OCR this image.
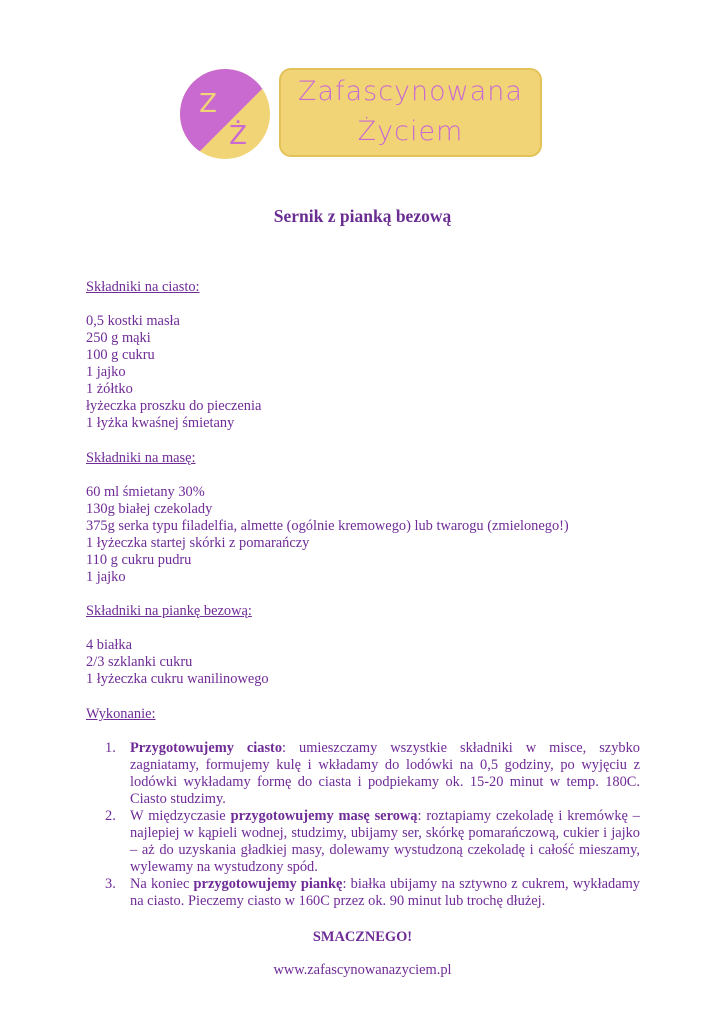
Z
Ż
Zafascynowana
Życiem
Sernik z pianką bezową
Składniki na ciasto:
0,5 kostki masła
250 g mąki
100 g cukru
1 jajko
1 żółtko
łyżeczka proszku do pieczenia
1 łyżka kwaśnej śmietany
Składniki na masę:
60 ml śmietany 30%
130g białej czekolady
375g serka typu filadelfia, almette (ogólnie kremowego) lub twarogu (zmielonego!)
1 łyżeczka startej skórki z pomarańczy
110 g cukru pudru
1 jajko
Składniki na piankę bezową:
4 białka
2/3 szklanki cukru
1 łyżeczka cukru wanilinowego
Wykonanie:
1. Przygotowujemy ciasto: umieszczamy wszystkie składniki w misce, szybko zagniatamy, formujemy kulę i wkładamy do lodówki na 0,5 godziny, po wyjęciu z lodówki wykładamy formę do ciasta i podpiekamy ok. 15-20 minut w temp. 180C. Ciasto studzimy.
2. W międzyczasie przygotowujemy masę serową: roztapiamy czekoladę i kremówkę – najlepiej w kąpieli wodnej, studzimy, ubijamy ser, skórkę pomarańczową, cukier i jajko – aż do uzyskania gładkiej masy, dolewamy wystudzoną czekoladę i całość mieszamy, wylewamy na wystudzony spód.
3. Na koniec przygotowujemy piankę: białka ubijamy na sztywno z cukrem, wykładamy na ciasto. Pieczemy ciasto w 160C przez ok. 90 minut lub trochę dłużej.
SMACZNEGO!
www.zafascynowanazyciem.pl
